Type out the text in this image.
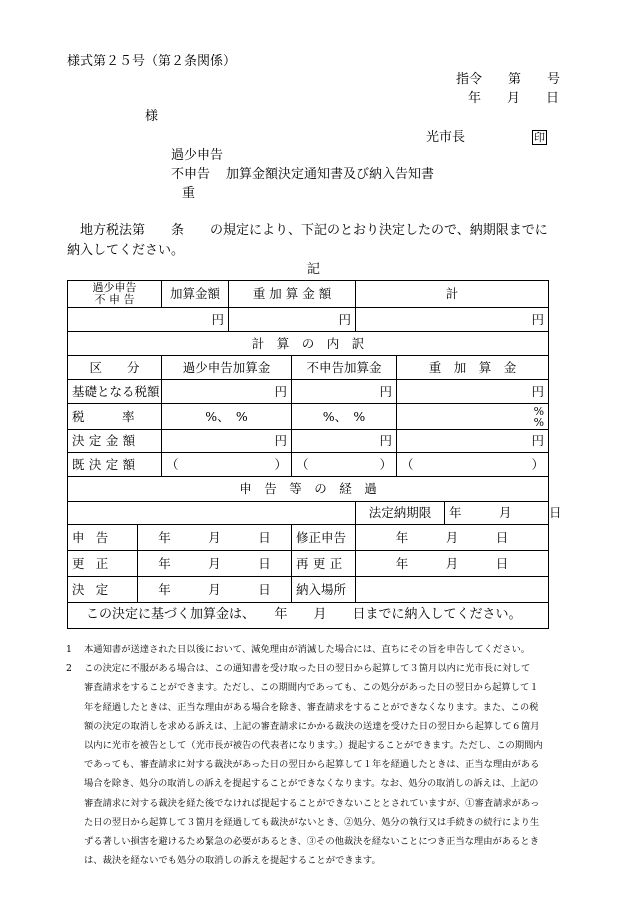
様式第２５号（第２条関係）
指令　　第　　号
年　　月　　日
様
光市長	印
過少申告
不申告 加算金額決定通知書及び納入告知書
重
地方税法第　　条　　の規定により、下記のとおり決定したので、納期限までに
納入してください。
記
過少申告
不 申 告		加算金額	重 加 算 金 額		計		
円			円		円		
計　算　の　内　訳							
区　　分		過少申告加算金		不申告加算金		重　加　算　金	
基礎となる税額		円		円		円	
税　　　率		%、　%		%、　%		%
%	

決定金額		円		円		円	
既決定額		（ ）		（ ）		（ ）	

申　告　等　の　経　過							
					法定納期限		年　　　月　　　日
申告	年　　　月　　　日			修正申告	年　　　月　　　日		
更正	年　　　月　　　日			再更正	年　　　月　　　日		
決定	年　　　月　　　日			納入場所			
この決定に基づく加算金は、　　年　　月　　日までに納入してください。							
1	本通知書が送達された日以後において、減免理由が消滅した場合には、直ちにその旨を申告してください。
2	この決定に不服がある場合は、この通知書を受け取った日の翌日から起算して３箇月以内に光市長に対して
審査請求をすることができます。ただし、この期間内であっても、この処分があった日の翌日から起算して１
年を経過したときは、正当な理由がある場合を除き、審査請求をすることができなくなります。また、この税
額の決定の取消しを求める訴えは、上記の審査請求にかかる裁決の送達を受けた日の翌日から起算して６箇月
以内に光市を被告として（光市長が被告の代表者になります。）提起することができます。ただし、この期間内
であっても、審査請求に対する裁決があった日の翌日から起算して１年を経過したときは、正当な理由がある
場合を除き、処分の取消しの訴えを提起することができなくなります。なお、処分の取消しの訴えは、上記の
審査請求に対する裁決を経た後でなければ提起することができないこととされていますが、①審査請求があっ
た日の翌日から起算して３箇月を経過しても裁決がないとき、②処分、処分の執行又は手続きの続行により生
ずる著しい損害を避けるため緊急の必要があるとき、③その他裁決を経ないことにつき正当な理由があるとき
は、裁決を経ないでも処分の取消しの訴えを提起することができます。
